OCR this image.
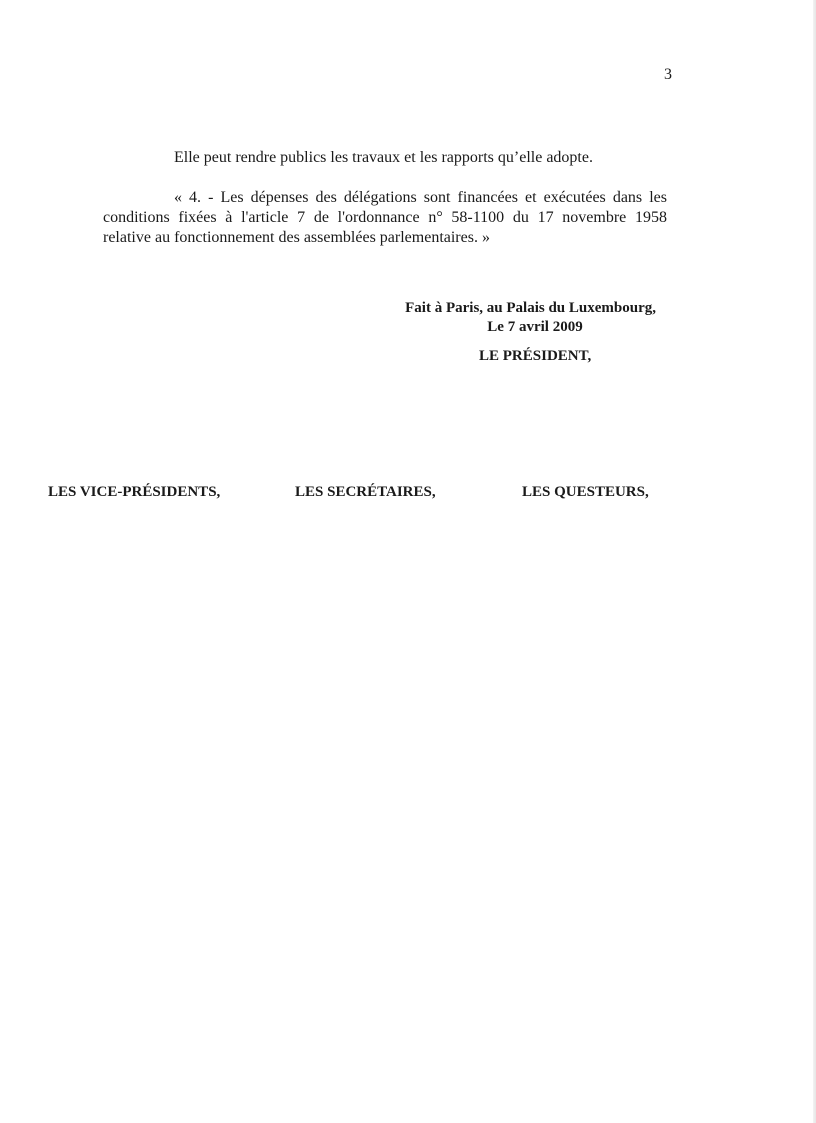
3
Elle peut rendre publics les travaux et les rapports qu’elle adopte.
« 4. - Les dépenses des délégations sont financées et exécutées dans les
conditions fixées à l'article 7 de l'ordonnance n° 58-1100 du 17 novembre 1958
relative au fonctionnement des assemblées parlementaires. »
Fait à Paris, au Palais du Luxembourg,
Le 7 avril 2009
LE PRÉSIDENT,
LES VICE-PRÉSIDENTS,	LES SECRÉTAIRES,	LES QUESTEURS,
